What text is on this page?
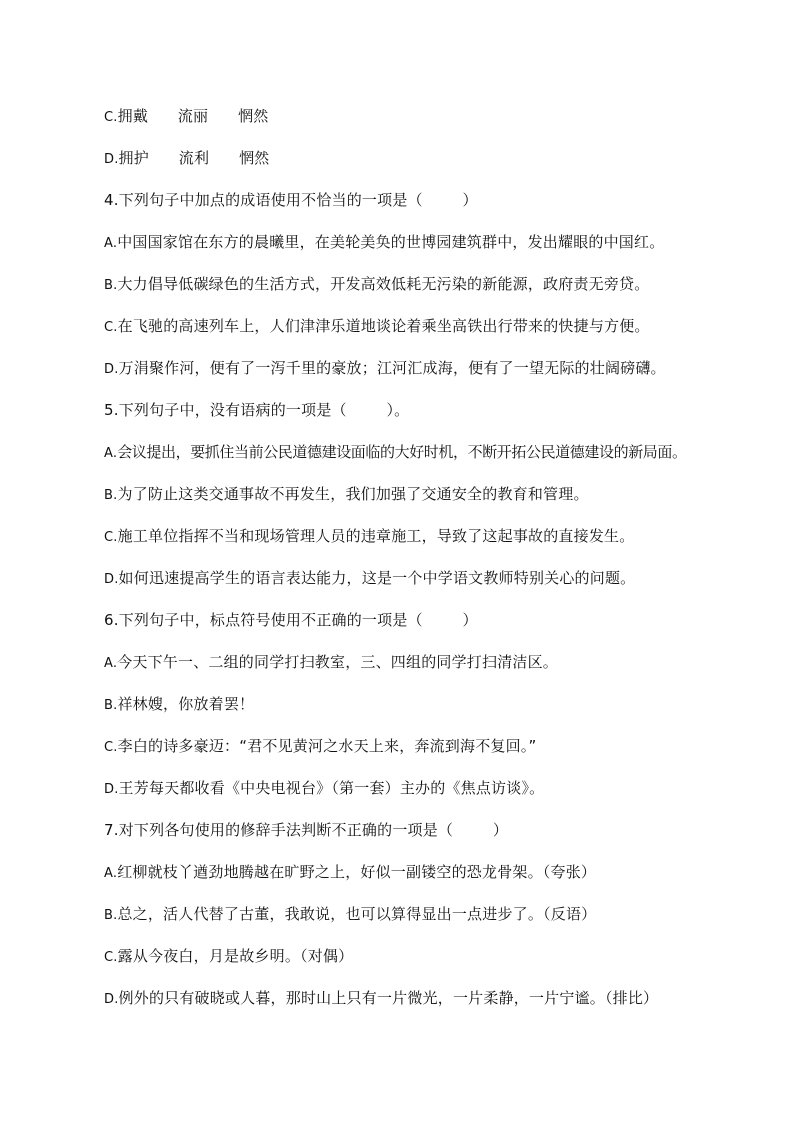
C.拥戴      流丽      惘然
D.拥护      流利      惘然
4.下列句子中加点的成语使用不恰当的一项是（        ）
A.中国国家馆在东方的晨曦里，在美轮美奂的世博园建筑群中，发出耀眼的中国红。
B.大力倡导低碳绿色的生活方式，开发高效低耗无污染的新能源，政府责无旁贷。
C.在飞驰的高速列车上，人们津津乐道地谈论着乘坐高铁出行带来的快捷与方便。
D.万涓聚作河，便有了一泻千里的豪放；江河汇成海，便有了一望无际的壮阔磅礴。
5.下列句子中，没有语病的一项是（        ）。
A.会议提出，要抓住当前公民道德建设面临的大好时机，不断开拓公民道德建设的新局面。
B.为了防止这类交通事故不再发生，我们加强了交通安全的教育和管理。
C.施工单位指挥不当和现场管理人员的违章施工，导致了这起事故的直接发生。
D.如何迅速提高学生的语言表达能力，这是一个中学语文教师特别关心的问题。
6.下列句子中，标点符号使用不正确的一项是（        ）
A.今天下午一、二组的同学打扫教室，三、四组的同学打扫清洁区。
B.祥林嫂，你放着罢！
C.李白的诗多豪迈：“君不见黄河之水天上来，奔流到海不复回。”
D.王芳每天都收看《中央电视台》（第一套）主办的《焦点访谈》。
7.对下列各句使用的修辞手法判断不正确的一项是（        ）
A.红柳就枝丫遒劲地腾越在旷野之上，好似一副镂空的恐龙骨架。（夸张）
B.总之，活人代替了古董，我敢说，也可以算得显出一点进步了。（反语）
C.露从今夜白，月是故乡明。（对偶）
D.例外的只有破晓或人暮，那时山上只有一片微光，一片柔静，一片宁谧。（排比）
